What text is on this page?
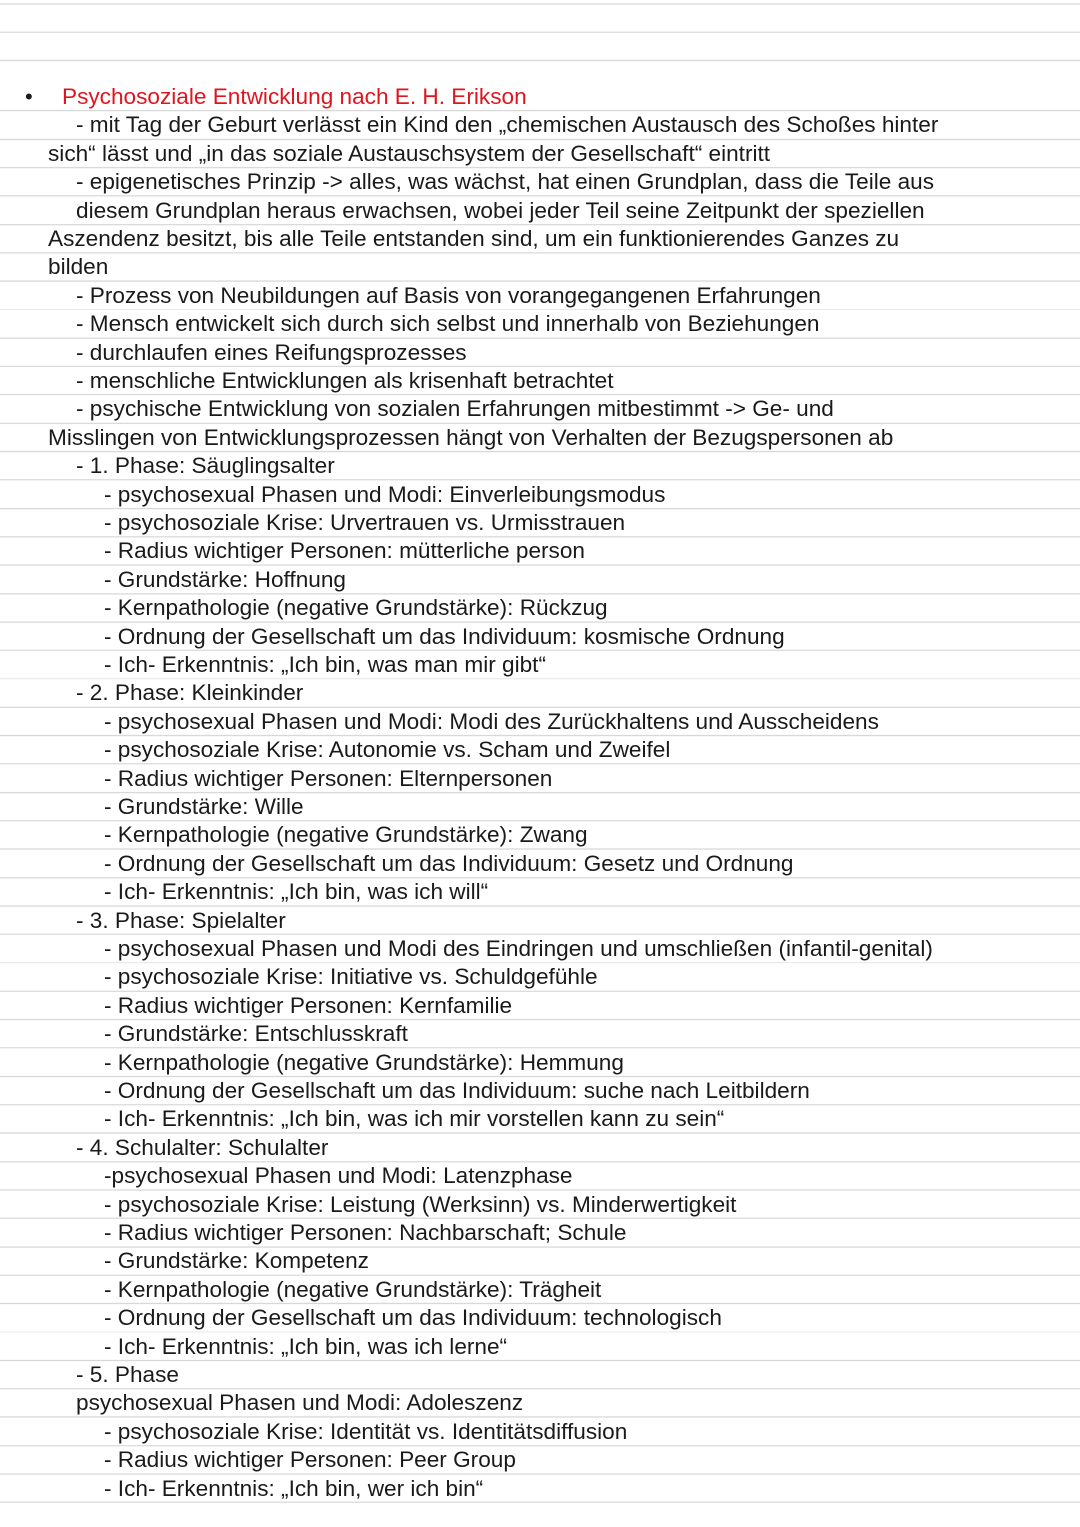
• Psychosoziale Entwicklung nach E. H. Erikson
- mit Tag der Geburt verlässt ein Kind den „chemischen Austausch des Schoßes hinter
sich“ lässt und „in das soziale Austauschsystem der Gesellschaft“ eintritt
- epigenetisches Prinzip -> alles, was wächst, hat einen Grundplan, dass die Teile aus
diesem Grundplan heraus erwachsen, wobei jeder Teil seine Zeitpunkt der speziellen
Aszendenz besitzt, bis alle Teile entstanden sind, um ein funktionierendes Ganzes zu
bilden
- Prozess von Neubildungen auf Basis von vorangegangenen Erfahrungen
- Mensch entwickelt sich durch sich selbst und innerhalb von Beziehungen
- durchlaufen eines Reifungsprozesses
- menschliche Entwicklungen als krisenhaft betrachtet
- psychische Entwicklung von sozialen Erfahrungen mitbestimmt -> Ge- und
Misslingen von Entwicklungsprozessen hängt von Verhalten der Bezugspersonen ab
- 1. Phase: Säuglingsalter
- psychosexual Phasen und Modi: Einverleibungsmodus
- psychosoziale Krise: Urvertrauen vs. Urmisstrauen
- Radius wichtiger Personen: mütterliche person
- Grundstärke: Hoffnung
- Kernpathologie (negative Grundstärke): Rückzug
- Ordnung der Gesellschaft um das Individuum: kosmische Ordnung
- Ich- Erkenntnis: „Ich bin, was man mir gibt“
- 2. Phase: Kleinkinder
- psychosexual Phasen und Modi: Modi des Zurückhaltens und Ausscheidens
- psychosoziale Krise: Autonomie vs. Scham und Zweifel
- Radius wichtiger Personen: Elternpersonen
- Grundstärke: Wille
- Kernpathologie (negative Grundstärke): Zwang
- Ordnung der Gesellschaft um das Individuum: Gesetz und Ordnung
- Ich- Erkenntnis: „Ich bin, was ich will“
- 3. Phase: Spielalter
- psychosexual Phasen und Modi des Eindringen und umschließen (infantil-genital)
- psychosoziale Krise: Initiative vs. Schuldgefühle
- Radius wichtiger Personen: Kernfamilie
- Grundstärke: Entschlusskraft
- Kernpathologie (negative Grundstärke): Hemmung
- Ordnung der Gesellschaft um das Individuum: suche nach Leitbildern
- Ich- Erkenntnis: „Ich bin, was ich mir vorstellen kann zu sein“
- 4. Schulalter: Schulalter
-psychosexual Phasen und Modi: Latenzphase
- psychosoziale Krise: Leistung (Werksinn) vs. Minderwertigkeit
- Radius wichtiger Personen: Nachbarschaft; Schule
- Grundstärke: Kompetenz
- Kernpathologie (negative Grundstärke): Trägheit
- Ordnung der Gesellschaft um das Individuum: technologisch
- Ich- Erkenntnis: „Ich bin, was ich lerne“
- 5. Phase
psychosexual Phasen und Modi: Adoleszenz
- psychosoziale Krise: Identität vs. Identitätsdiffusion
- Radius wichtiger Personen: Peer Group
- Ich- Erkenntnis: „Ich bin, wer ich bin“
